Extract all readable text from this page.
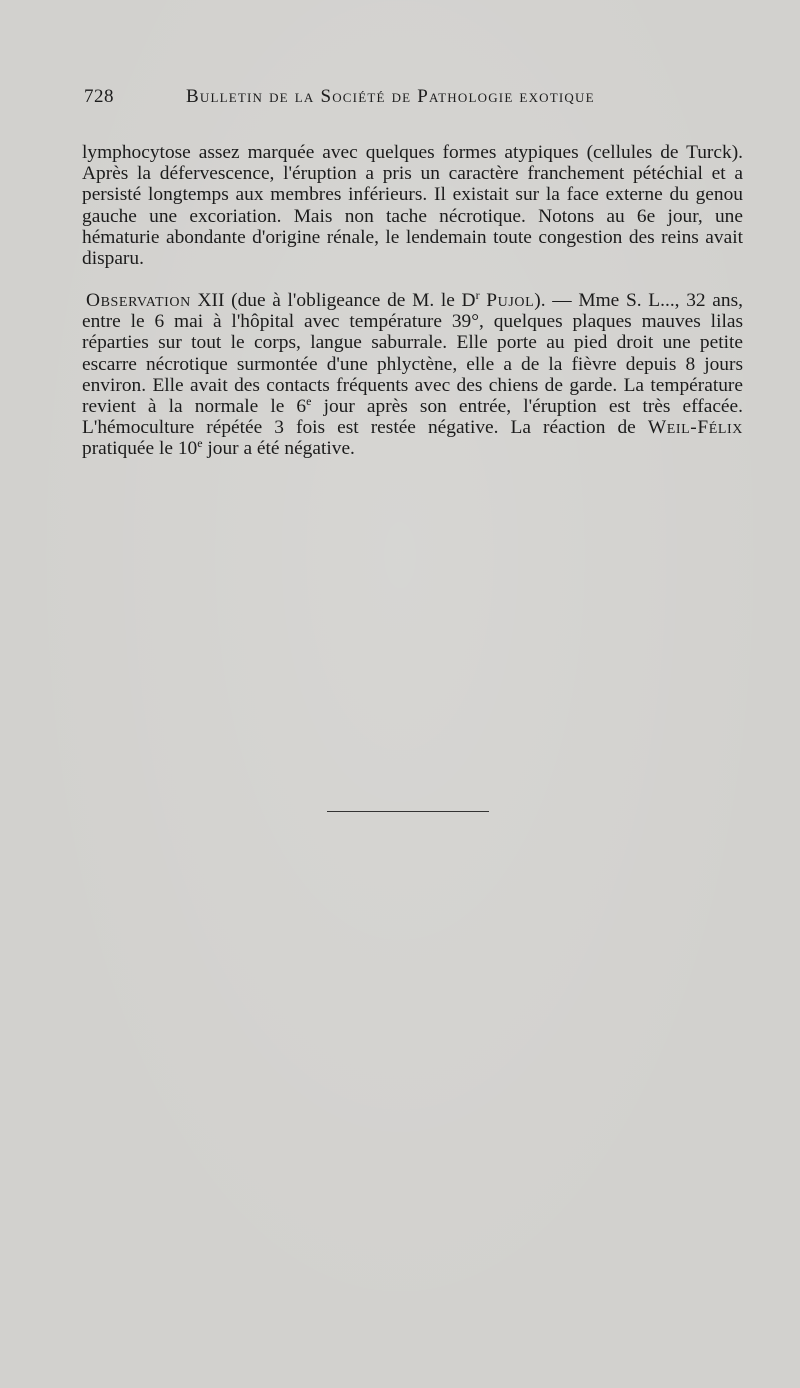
728	Bulletin de la Société de Pathologie exotique

lymphocytose assez marquée avec quelques formes atypiques (cellules de Turck). Après la défervescence, l'éruption a pris un caractère franchement pétéchial et a persisté longtemps aux membres inférieurs. Il existait sur la face externe du genou gauche une excoriation. Mais non tache nécrotique. Notons au 6e jour, une hématurie abondante d'origine rénale, le lendemain toute congestion des reins avait disparu.

Observation XII (due à l'obligeance de M. le $D^r$ Pujol). — Mme S. L..., 32 ans, entre le 6 mai à l'hôpital avec température 39°, quelques plaques mauves lilas réparties sur tout le corps, langue saburrale. Elle porte au pied droit une petite escarre nécrotique surmontée d'une phlyctène, elle a de la fièvre depuis 8 jours environ. Elle avait des contacts fréquents avec des chiens de garde. La température revient à la normale le 6e jour après son entrée, l'éruption est très effacée. L'hémoculture répétée 3 fois est restée négative. La réaction de Weil-Félix pratiquée le 10e jour a été négative.
